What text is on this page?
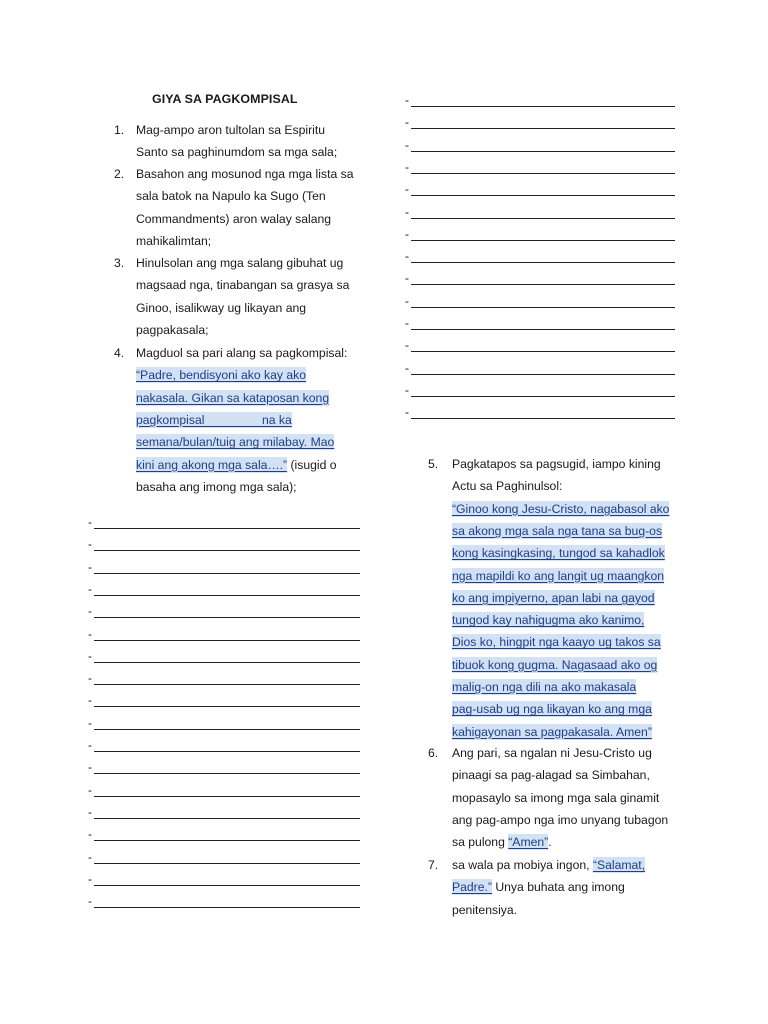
GIYA SA PAGKOMPISAL
1. Mag-ampo aron tultolan sa Espiritu
Santo sa paghinumdom sa mga sala;
2. Basahon ang mosunod nga mga lista sa
sala batok na Napulo ka Sugo (Ten
Commandments) aron walay salang
mahikalimtan;
3. Hinulsolan ang mga salang gibuhat ug
magsaad nga, tinabangan sa grasya sa
Ginoo, isalikway ug likayan ang
pagpakasala;
4. Magduol sa pari alang sa pagkompisal:
“Padre, bendisyoni ako kay ako
nakasala. Gikan sa kataposan kong
pagkompisal                 na ka
semana/bulan/tuig ang milabay. Mao
kini ang akong mga sala….” (isugid o
basaha ang imong mga sala);
5.	Pagkatapos sa pagsugid, iampo kining
Actu sa Paghinulsol:
“Ginoo kong Jesu-Cristo, nagabasol ako
sa akong mga sala nga tana sa bug-os
kong kasingkasing, tungod sa kahadlok
nga mapildi ko ang langit ug maangkon
ko ang impiyerno, apan labi na gayod
tungod kay nahigugma ako kanimo,
Dios ko, hingpit nga kaayo ug takos sa
tibuok kong gugma. Nagasaad ako og
malig-on nga dili na ako makasala
pag-usab ug nga likayan ko ang mga
kahigayonan sa pagpakasala. Amen”
6.	Ang pari, sa ngalan ni Jesu-Cristo ug
pinaagi sa pag-alagad sa Simbahan,
mopasaylo sa imong mga sala ginamit
ang pag-ampo nga imo unyang tubagon
sa pulong “Amen”.
7.	sa wala pa mobiya ingon, “Salamat,
Padre.” Unya buhata ang imong
penitensiya.
-
-
-
-
-
-
-
-
-
-
-
-
-
-
-
-
-
-
-
-
-
-
-
-
-
-
-
-
-
-
-
-
-
